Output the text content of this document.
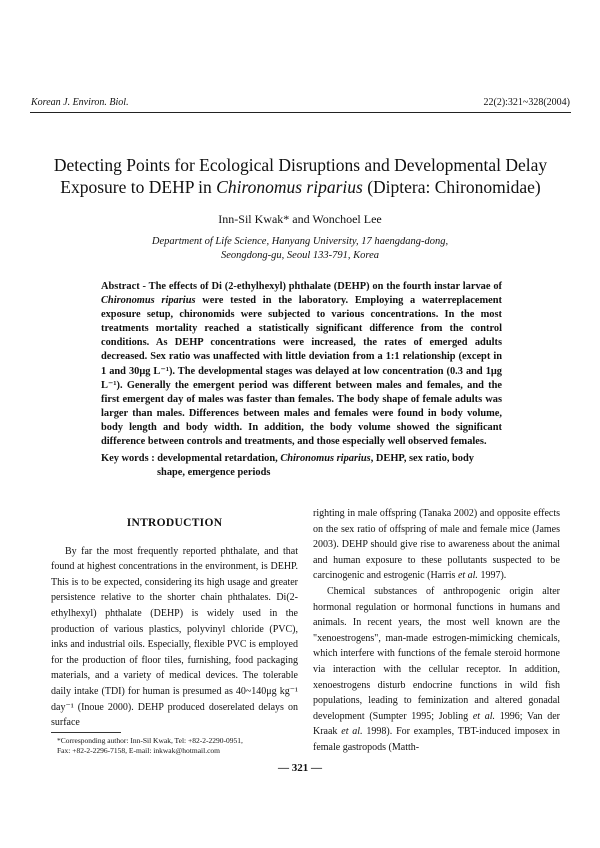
Korean J. Environ. Biol.	22(2):321~328(2004)
Detecting Points for Ecological Disruptions and Developmental Delay
Exposure to DEHP in Chironomus riparius (Diptera: Chironomidae)
Inn-Sil Kwak* and Wonchoel Lee
Department of Life Science, Hanyang University, 17 haengdang-dong,
Seongdong-gu, Seoul 133-791, Korea
Abstract - The effects of Di (2-ethylhexyl) phthalate (DEHP) on the fourth instar larvae of Chironomus riparius were tested in the laboratory. Employing a waterreplacement exposure setup, chironomids were subjected to various concentrations. In the most treatments mortality reached a statistically significant difference from the control conditions. As DEHP concentrations were increased, the rates of emerged adults decreased. Sex ratio was unaffected with little deviation from a 1:1 relationship (except in 1 and 30μg L⁻¹). The developmental stages was delayed at low concentration (0.3 and 1μg L⁻¹). Generally the emergent period was different between males and females, and the first emergent day of males was faster than females. The body shape of female adults was larger than males. Differences between males and females were found in body volume, body length and body width. In addition, the body volume showed the significant difference between controls and treatments, and those especially well observed females.
Key words : developmental retardation, Chironomus riparius, DEHP, sex ratio, body
shape, emergence periods
INTRODUCTION

By far the most frequently reported phthalate, and that found at highest concentrations in the environment, is DEHP. This is to be expected, considering its high usage and greater persistence relative to the shorter chain phthalates. Di(2-ethylhexyl) phthalate (DEHP) is widely used in the production of various plastics, polyvinyl chloride (PVC), inks and industrial oils. Especially, flexible PVC is employed for the production of floor tiles, furnishing, food packaging materials, and a variety of medical devices. The tolerable daily intake (TDI) for human is presumed as 40~140μg kg⁻¹ day⁻¹ (Inoue 2000). DEHP produced doserelated delays on surface

righting in male offspring (Tanaka 2002) and opposite effects on the sex ratio of offspring of male and female mice (James 2003). DEHP should give rise to awareness about the animal and human exposure to these pollutants suspected to be carcinogenic and estrogenic (Harris et al. 1997).

Chemical substances of anthropogenic origin alter hormonal regulation or hormonal functions in humans and animals. In recent years, the most well known are the "xenoestrogens", man-made estrogen-mimicking chemicals, which interfere with functions of the female steroid hormone via interaction with the cellular receptor. In addition, xenoestrogens disturb endocrine functions in wild fish populations, leading to feminization and altered gonadal development (Sumpter 1995; Jobling et al. 1996; Van der Kraak et al. 1998). For examples, TBT-induced imposex in female gastropods (Matth-

*Corresponding author: Inn-Sil Kwak, Tel: +82-2-2290-0951,
Fax: +82-2-2296-7158, E-mail: inkwak@hotmail.com
— 321 —
